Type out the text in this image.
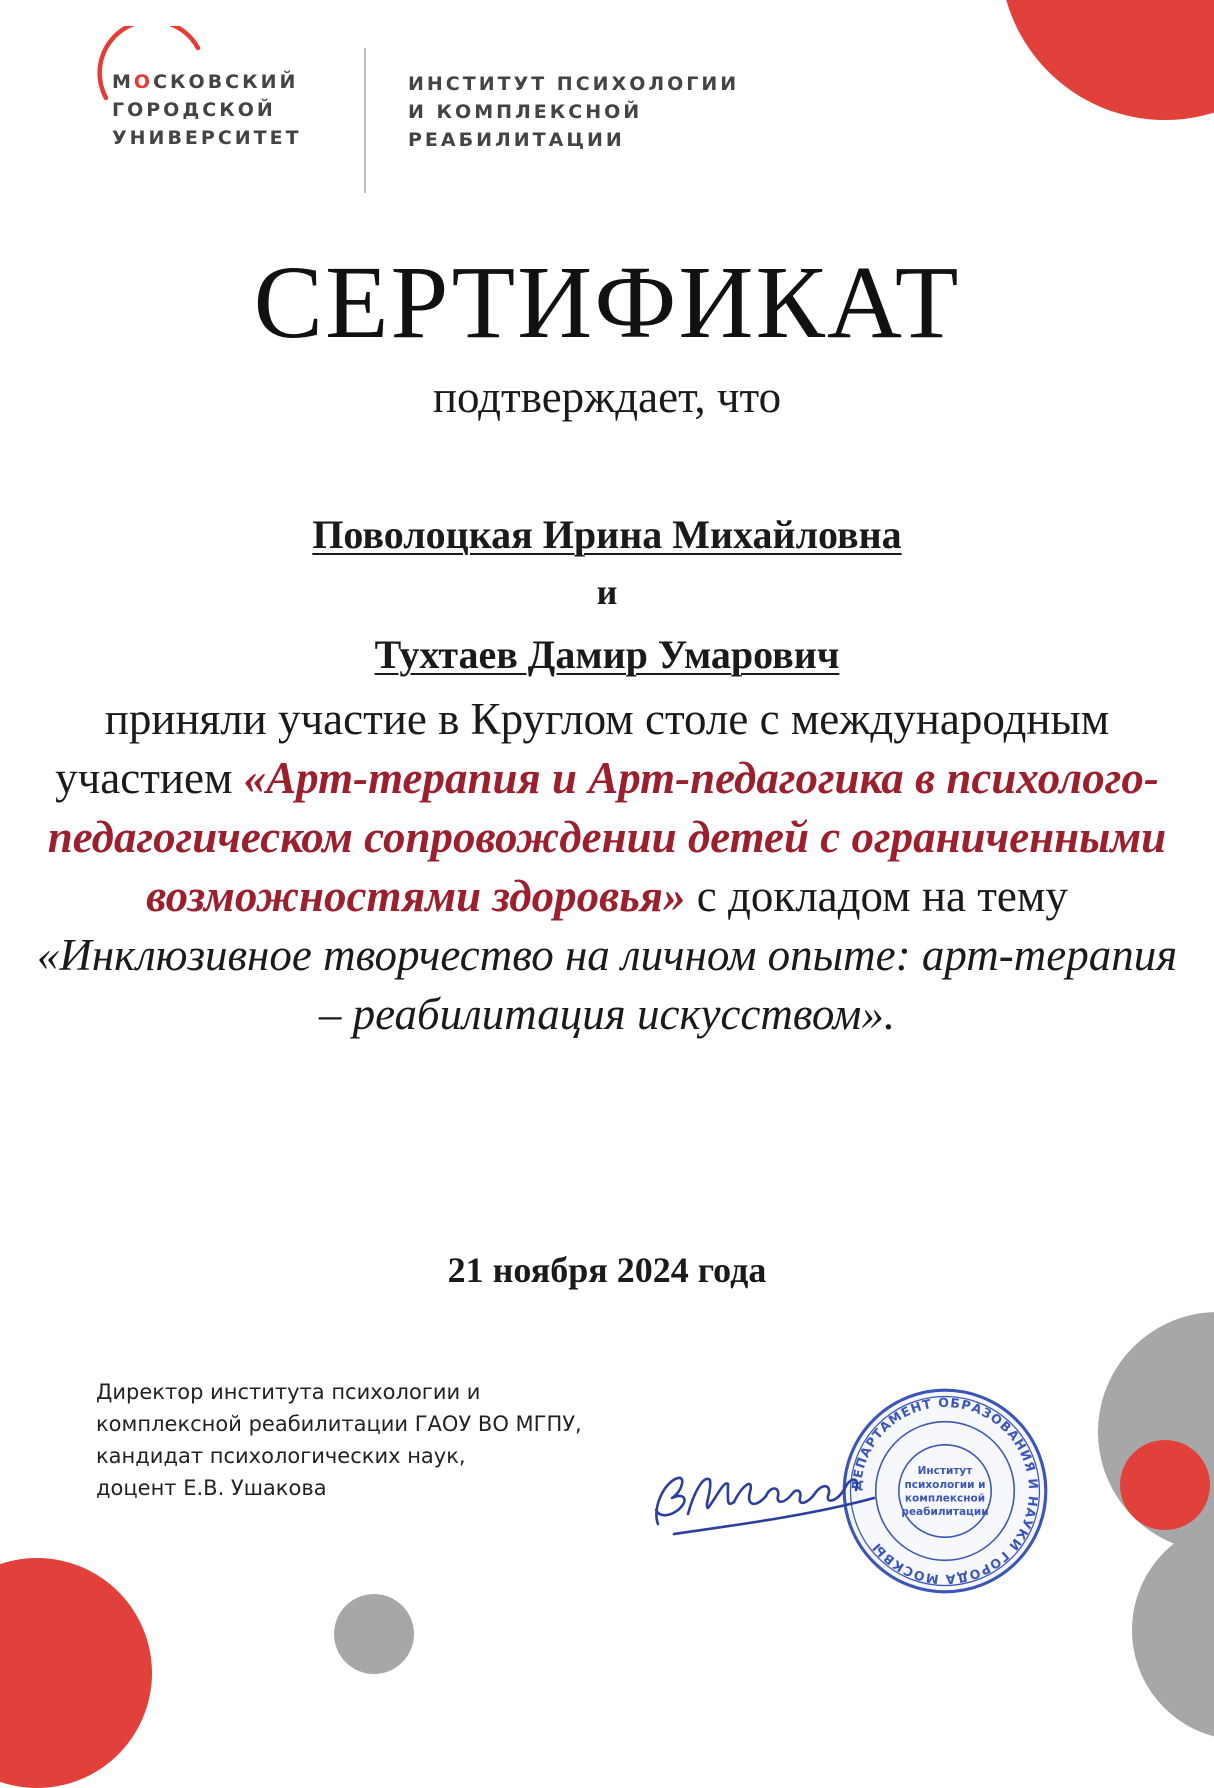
МОСКОВСКИЙ
ГОРОДСКОЙ
УНИВЕРСИТЕТ
ИНСТИТУТ ПСИХОЛОГИИ
И КОМПЛЕКСНОЙ
РЕАБИЛИТАЦИИ
СЕРТИФИКАТ
подтверждает, что
Поволоцкая Ирина Михайловна
и
Тухтаев Дамир Умарович
приняли участие в Круглом столе с международным участием «Арт-терапия и Арт-педагогика в психолого-педагогическом сопровождении детей с ограниченными возможностями здоровья» с докладом на тему «Инклюзивное творчество на личном опыте: арт-терапия – реабилитация искусством».
21 ноября 2024 года
Директор института психологии и
комплексной реабилитации ГАОУ ВО МГПУ,
кандидат психологических наук,
доцент Е.В. Ушакова	ДЕПАРТАМЕНТ ОБРАЗОВАНИЯ И НАУКИ ГОРОДА МОСКВЫ
Институт
психологии и
комплексной
реабилитации
